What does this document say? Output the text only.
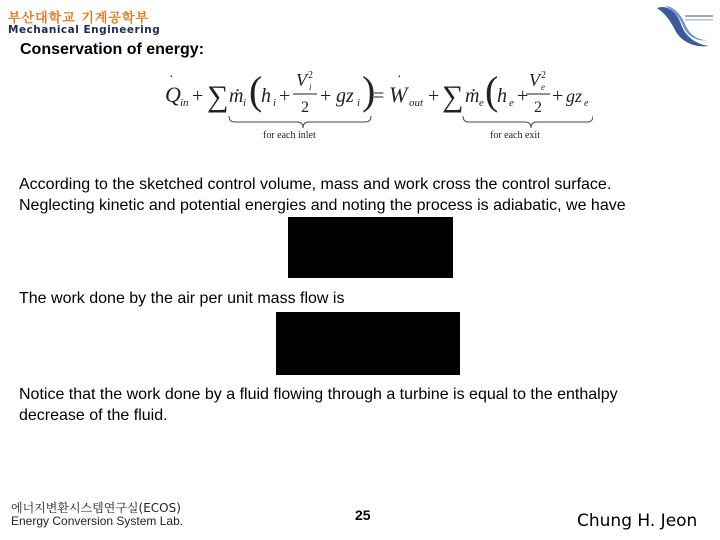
부산대학교 기계공학부
Mechanical Engineering
Conservation of energy:
Q
·
in + ∑ ṁ i (
h i +
V 2
i
2
+ gz i )
= W
·
out + ∑ ṁ e (
h e +
V 2
e
2
+ gz e
for each inlet	for each exit
According to the sketched control volume, mass and work cross the control surface.
Neglecting kinetic and potential energies and noting the process is adiabatic, we have
The work done by the air per unit mass flow is
Notice that the work done by a fluid flowing through a turbine is equal to the enthalpy
decrease of the fluid.
에너지변환시스템연구실(ECOS)
Energy Conversion System Lab.	25	Chung H. Jeon
